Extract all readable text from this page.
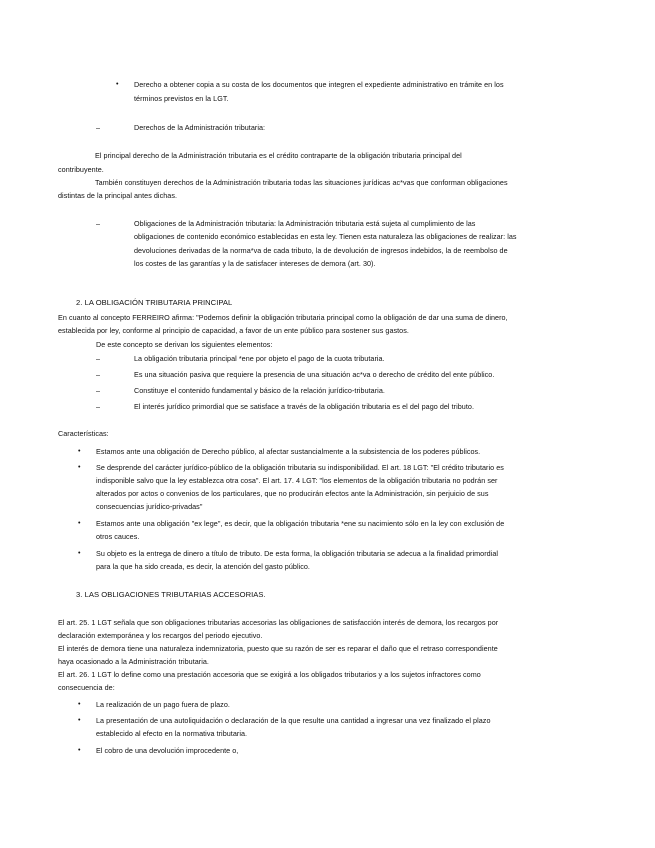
• Derecho a obtener copia a su costa de los documentos que integren el expediente administrativo en trámite en los
términos previstos en la LGT.
–	Derechos de la Administración tributaria:
El principal derecho de la Administración tributaria es el crédito contraparte de la obligación tributaria principal del
contribuyente.
También constituyen derechos de la Administración tributaria todas las situaciones jurídicas ac*vas que conforman obligaciones
distintas de la principal antes dichas.
–	Obligaciones de la Administración tributaria: la Administración tributaria está sujeta al cumplimiento de las
obligaciones de contenido económico establecidas en esta ley. Tienen esta naturaleza las obligaciones de realizar: las
devoluciones derivadas de la norma*va de cada tributo, la de devolución de ingresos indebidos, la de reembolso de
los costes de las garantías y la de satisfacer intereses de demora (art. 30).
2. LA OBLIGACIÓN TRIBUTARIA PRINCIPAL
En cuanto al concepto FERREIRO afirma: "Podemos definir la obligación tributaria principal como la obligación de dar una suma de dinero,
establecida por ley, conforme al principio de capacidad, a favor de un ente público para sostener sus gastos.
De este concepto se derivan los siguientes elementos:
–	La obligación tributaria principal *ene por objeto el pago de la cuota tributaria.
–	Es una situación pasiva que requiere la presencia de una situación ac*va o derecho de crédito del ente público.
–	Constituye el contenido fundamental y básico de la relación jurídico-tributaria.
–	El interés jurídico primordial que se satisface a través de la obligación tributaria es el del pago del tributo.
Características:
• Estamos ante una obligación de Derecho público, al afectar sustancialmente a la subsistencia de los poderes públicos.
• Se desprende del carácter jurídico-público de la obligación tributaria su indisponibilidad. El art. 18 LGT: "El crédito tributario es
indisponible salvo que la ley establezca otra cosa". El art. 17. 4 LGT: "los elementos de la obligación tributaria no podrán ser
alterados por actos o convenios de los particulares, que no producirán efectos ante la Administración, sin perjuicio de sus
consecuencias jurídico-privadas"
• Estamos ante una obligación "ex lege", es decir, que la obligación tributaria *ene su nacimiento sólo en la ley con exclusión de
otros cauces.
• Su objeto es la entrega de dinero a título de tributo. De esta forma, la obligación tributaria se adecua a la finalidad primordial
para la que ha sido creada, es decir, la atención del gasto público.
3. LAS OBLIGACIONES TRIBUTARIAS ACCESORIAS.
El art. 25. 1 LGT señala que son obligaciones tributarias accesorias las obligaciones de satisfacción interés de demora, los recargos por
declaración extemporánea y los recargos del periodo ejecutivo.
El interés de demora tiene una naturaleza indemnizatoria, puesto que su razón de ser es reparar el daño que el retraso correspondiente
haya ocasionado a la Administración tributaria.
El art. 26. 1 LGT lo define como una prestación accesoria que se exigirá a los obligados tributarios y a los sujetos infractores como
consecuencia de:
• La realización de un pago fuera de plazo.
• La presentación de una autoliquidación o declaración de la que resulte una cantidad a ingresar una vez finalizado el plazo
establecido al efecto en la normativa tributaria.
• El cobro de una devolución improcedente o,
